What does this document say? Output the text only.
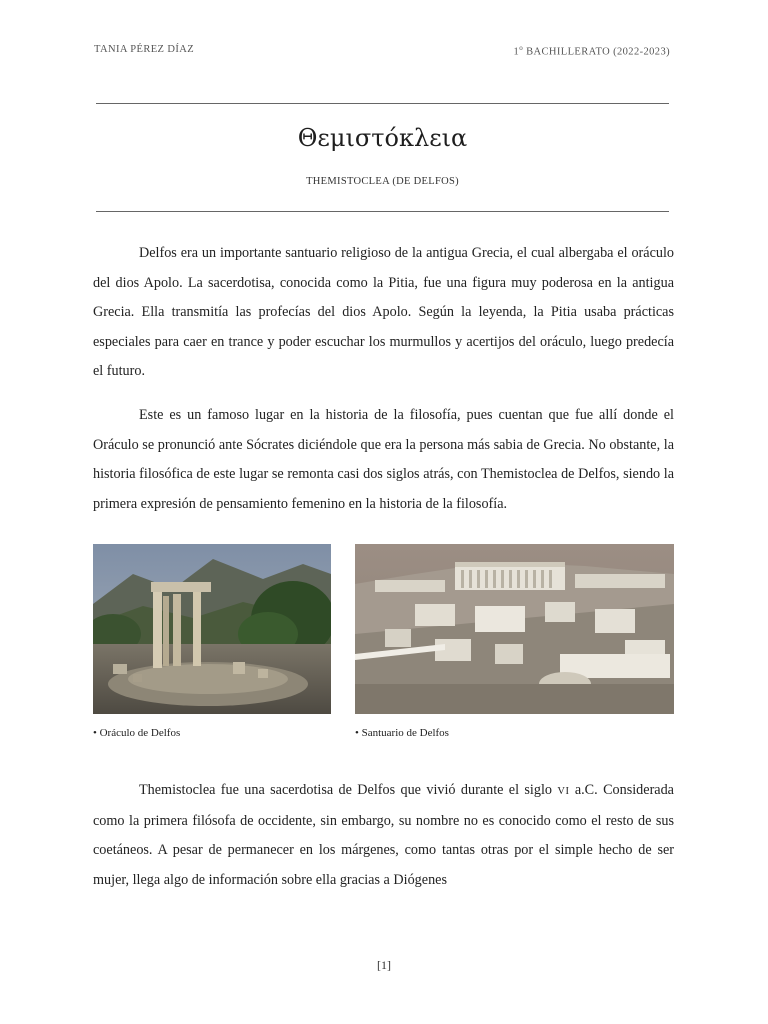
TANIA PÉREZ DÍAZ	1$^o$ BACHILLERATO (2022-2023)
Θεμιστόκλεια
THEMISTOCLEA (DE DELFOS)

Delfos era un importante santuario religioso de la antigua Grecia, el cual albergaba el oráculo del dios Apolo. La sacerdotisa, conocida como la Pitia, fue una figura muy poderosa en la antigua Grecia. Ella transmitía las profecías del dios Apolo. Según la leyenda, la Pitia usaba prácticas especiales para caer en trance y poder escuchar los murmullos y acertijos del oráculo, luego predecía el futuro.

Este es un famoso lugar en la historia de la filosofía, pues cuentan que fue allí donde el Oráculo se pronunció ante Sócrates diciéndole que era la persona más sabia de Grecia. No obstante, la historia filosófica de este lugar se remonta casi dos siglos atrás, con Themistoclea de Delfos, siendo la primera expresión de pensamiento femenino en la historia de la filosofía.

• Oráculo de Delfos	• Santuario de Delfos

Themistoclea fue una sacerdotisa de Delfos que vivió durante el siglo VI a.C. Considerada como la primera filósofa de occidente, sin embargo, su nombre no es conocido como el resto de sus coetáneos. A pesar de permanecer en los márgenes, como tantas otras por el simple hecho de ser mujer, llega algo de información sobre ella gracias a Diógenes

[1]
